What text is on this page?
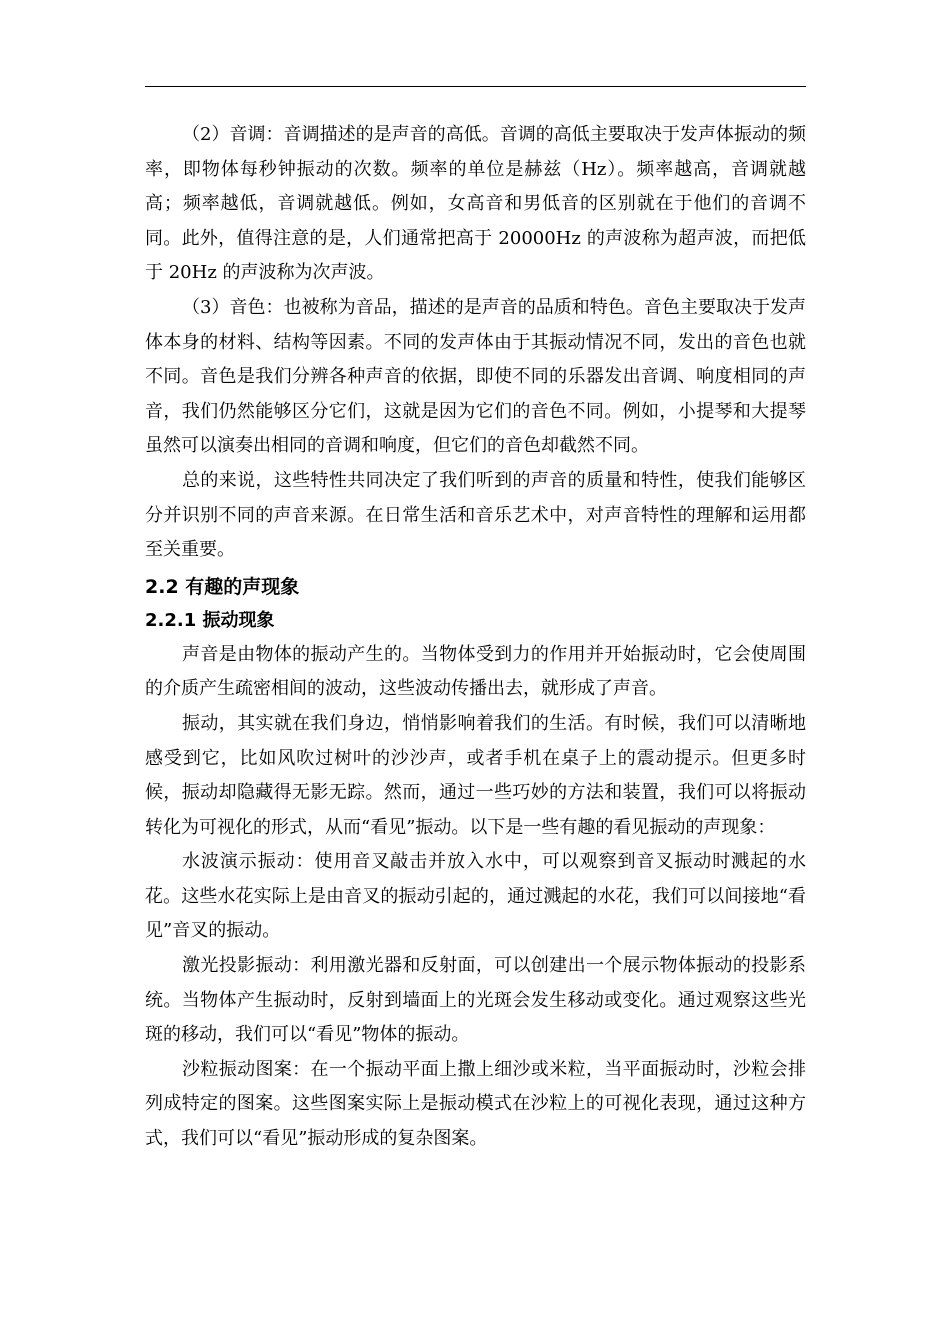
（2）音调：音调描述的是声音的高低。音调的高低主要取决于发声体振动的频率，即物体每秒钟振动的次数。频率的单位是赫兹（Hz）。频率越高，音调就越高；频率越低，音调就越低。例如，女高音和男低音的区别就在于他们的音调不同。此外，值得注意的是，人们通常把高于 20000Hz 的声波称为超声波，而把低于 20Hz 的声波称为次声波。

（3）音色：也被称为音品，描述的是声音的品质和特色。音色主要取决于发声体本身的材料、结构等因素。不同的发声体由于其振动情况不同，发出的音色也就不同。音色是我们分辨各种声音的依据，即使不同的乐器发出音调、响度相同的声音，我们仍然能够区分它们，这就是因为它们的音色不同。例如，小提琴和大提琴虽然可以演奏出相同的音调和响度，但它们的音色却截然不同。

总的来说，这些特性共同决定了我们听到的声音的质量和特性，使我们能够区分并识别不同的声音来源。在日常生活和音乐艺术中，对声音特性的理解和运用都至关重要。

2.2 有趣的声现象
2.2.1 振动现象

声音是由物体的振动产生的。当物体受到力的作用并开始振动时，它会使周围的介质产生疏密相间的波动，这些波动传播出去，就形成了声音。

振动，其实就在我们身边，悄悄影响着我们的生活。有时候，我们可以清晰地感受到它，比如风吹过树叶的沙沙声，或者手机在桌子上的震动提示。但更多时候，振动却隐藏得无影无踪。然而，通过一些巧妙的方法和装置，我们可以将振动转化为可视化的形式，从而“看见”振动。以下是一些有趣的看见振动的声现象：

水波演示振动：使用音叉敲击并放入水中，可以观察到音叉振动时溅起的水花。这些水花实际上是由音叉的振动引起的，通过溅起的水花，我们可以间接地“看见”音叉的振动。

激光投影振动：利用激光器和反射面，可以创建出一个展示物体振动的投影系统。当物体产生振动时，反射到墙面上的光斑会发生移动或变化。通过观察这些光斑的移动，我们可以“看见”物体的振动。

沙粒振动图案：在一个振动平面上撒上细沙或米粒，当平面振动时，沙粒会排列成特定的图案。这些图案实际上是振动模式在沙粒上的可视化表现，通过这种方式，我们可以“看见”振动形成的复杂图案。
